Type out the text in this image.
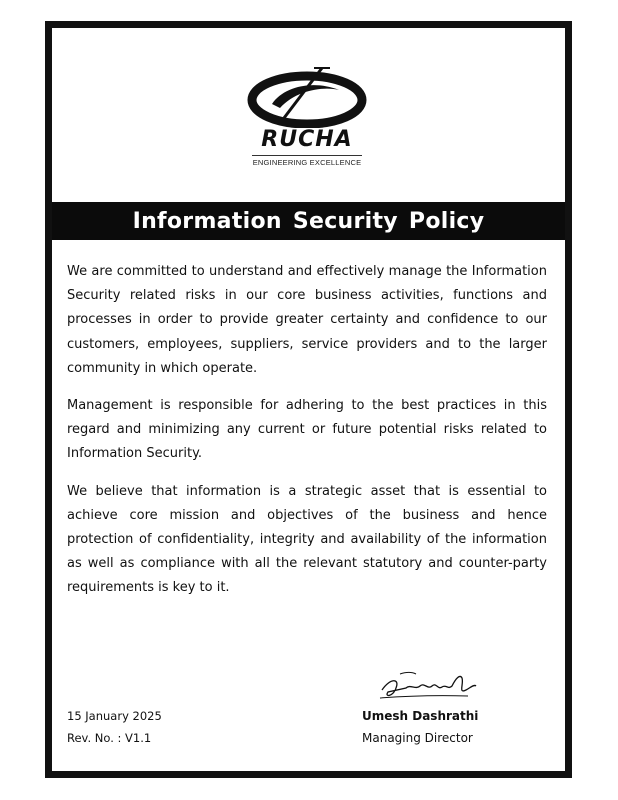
RUCHA
ENGINEERING EXCELLENCE
Information Security Policy

We are committed to understand and effectively manage the Information Security related risks in our core business activities, functions and processes in order to provide greater certainty and confidence to our customers, employees, suppliers, service providers and to the larger community in which operate.

Management is responsible for adhering to the best practices in this regard and minimizing any current or future potential risks related to Information Security.

We believe that information is a strategic asset that is essential to achieve core mission and objectives of the business and hence protection of confidentiality, integrity and availability of the information as well as compliance with all the relevant statutory and counter-party requirements is key to it.

15 January 2025
Rev. No. : V1.1
Umesh Dashrathi
Managing Director
